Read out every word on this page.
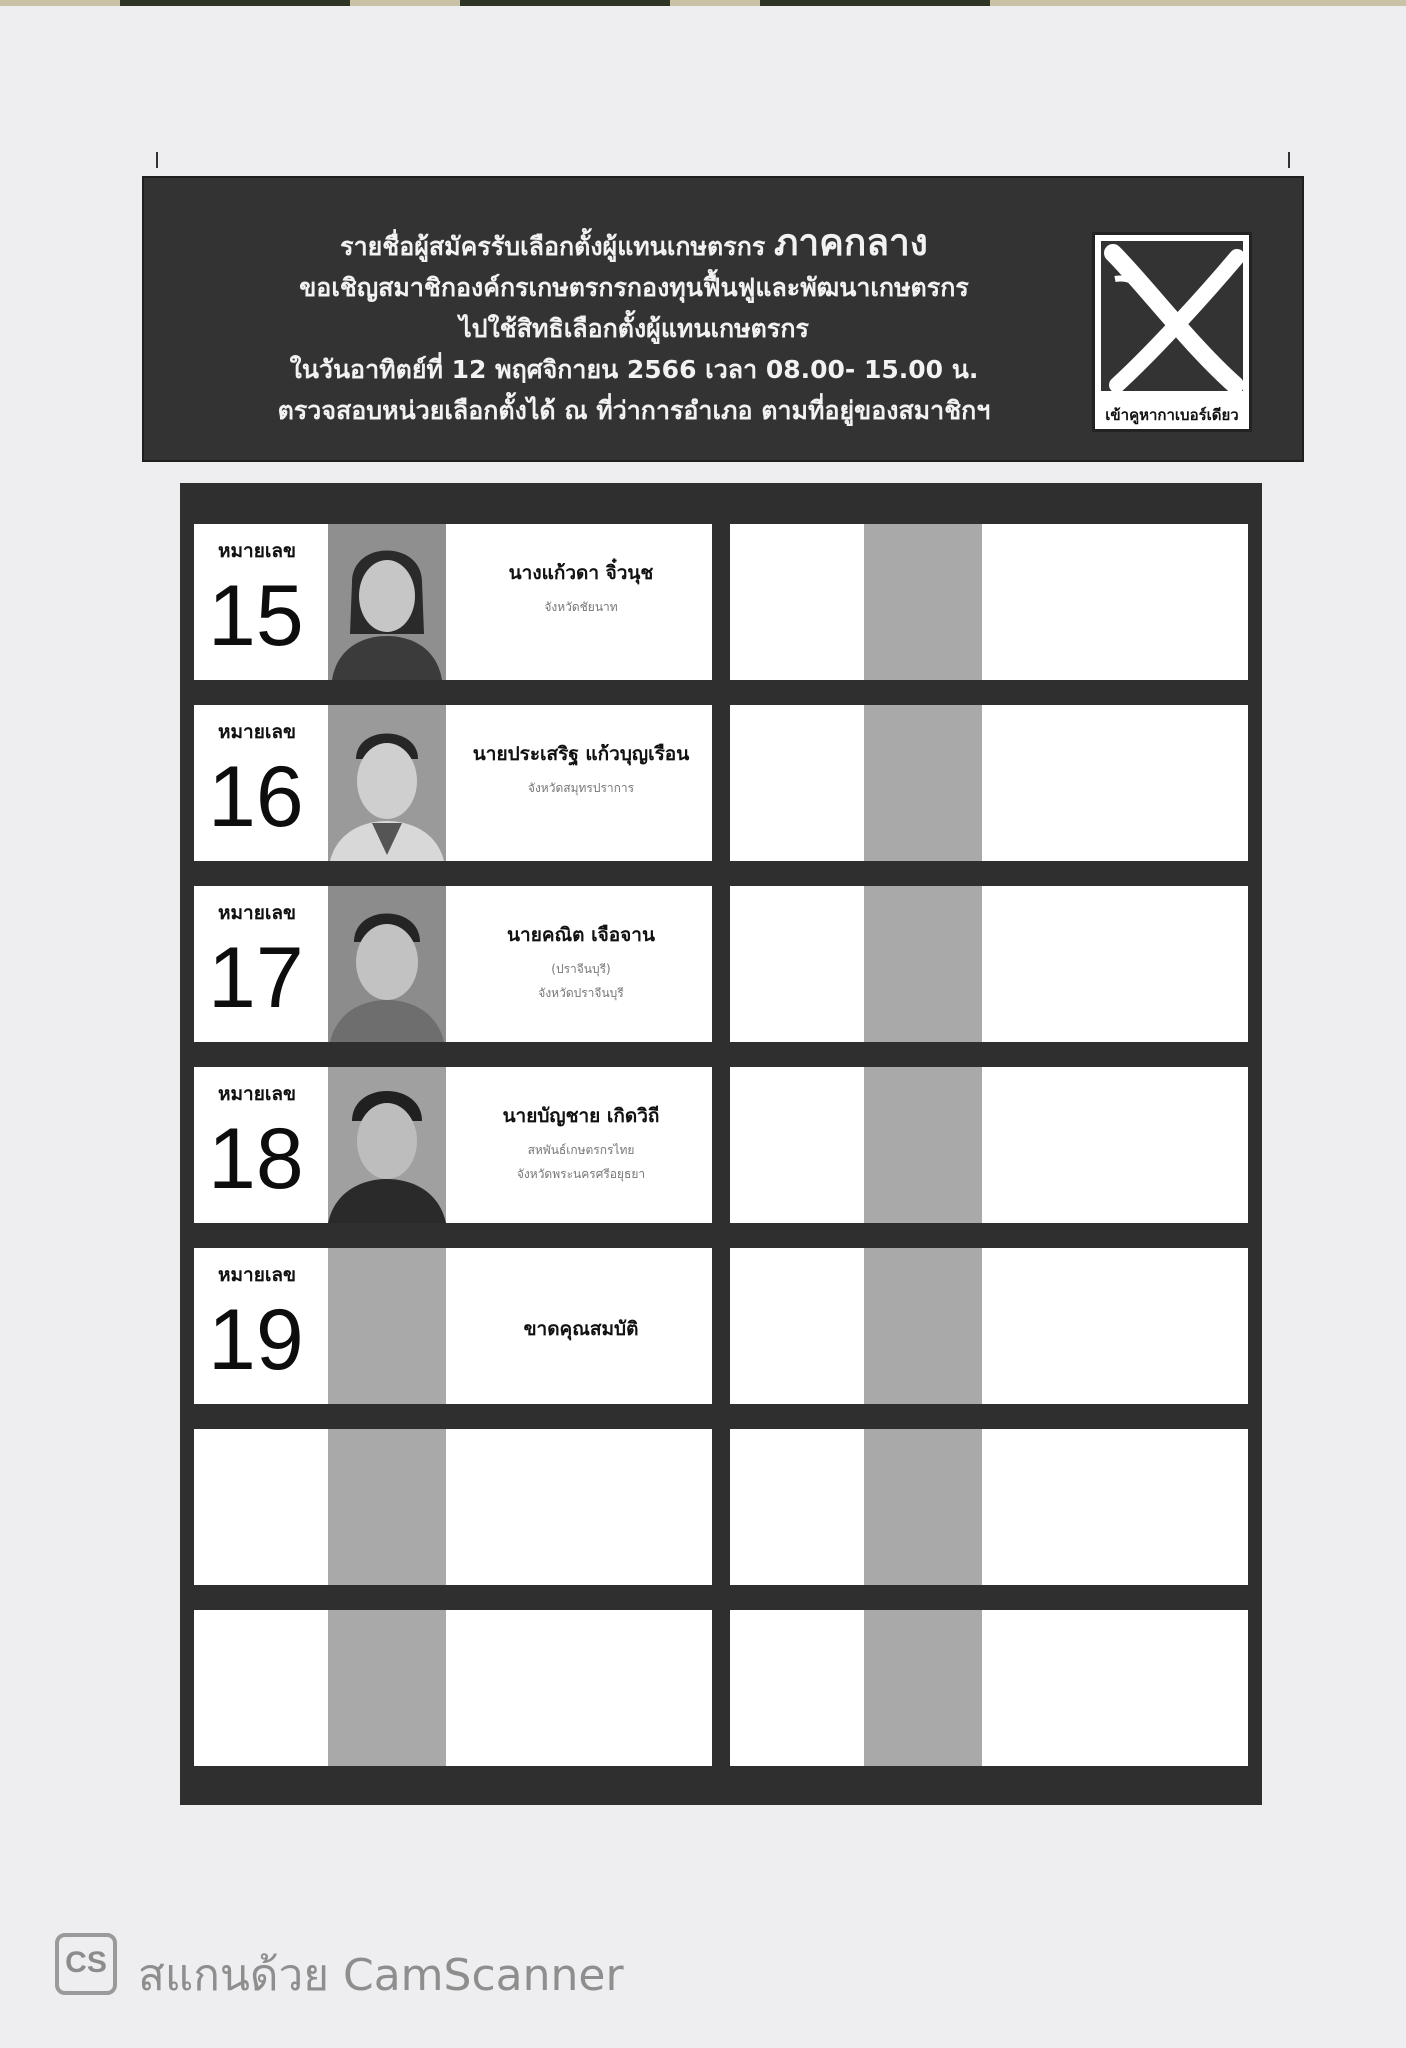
รายชื่อผู้สมัครรับเลือกตั้งผู้แทนเกษตรกร ภาคกลาง
ขอเชิญสมาชิกองค์กรเกษตรกรกองทุนฟื้นฟูและพัฒนาเกษตรกร
ไปใช้สิทธิเลือกตั้งผู้แทนเกษตรกร
ในวันอาทิตย์ที่ 12 พฤศจิกายน 2566 เวลา 08.00- 15.00 น.
ตรวจสอบหน่วยเลือกตั้งได้ ณ ที่ว่าการอำเภอ ตามที่อยู่ของสมาชิกฯ	เข้าคูหากาเบอร์เดียว
หมายเลข
15	นางแก้วดา จิ๋วนุช
จังหวัดชัยนาท
หมายเลข
16	นายประเสริฐ แก้วบุญเรือน
จังหวัดสมุทรปราการ
หมายเลข
17	นายคณิต เจือจาน
(ปราจีนบุรี)
จังหวัดปราจีนบุรี
หมายเลข
18	นายบัญชาย เกิดวิถี
สหพันธ์เกษตรกรไทย
จังหวัดพระนครศรีอยุธยา
หมายเลข
19	ขาดคุณสมบัติ
CS สแกนด้วย CamScanner
